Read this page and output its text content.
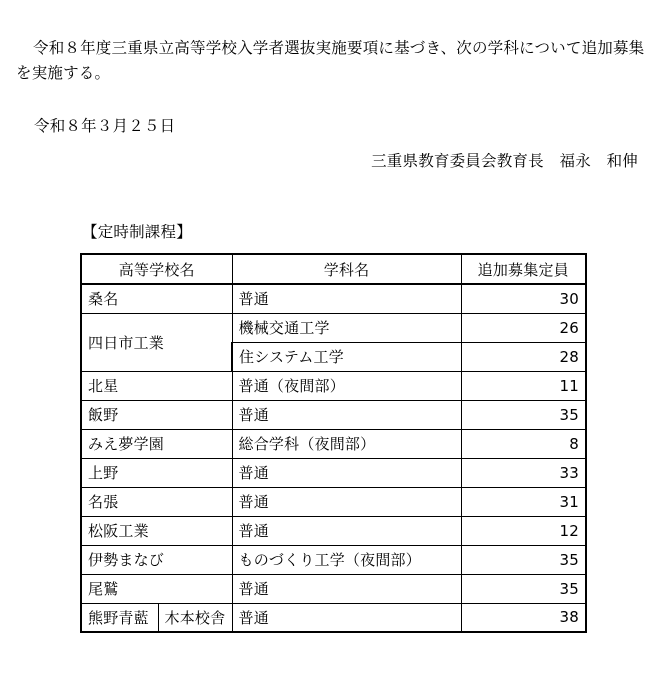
令和８年度三重県立高等学校入学者選抜実施要項に基づき、次の学科について追加募集を実施する。

令和８年３月２５日
三重県教育委員会教育長　福永　和伸
【定時制課程】
高等学校名		学科名	追加募集定員
桑名		普通	30
四日市工業		機械交通工学	26
		住システム工学	28
北星		普通（夜間部）	11
飯野		普通	35
みえ夢学園		総合学科（夜間部）	8
上野		普通	33
名張		普通	31
松阪工業		普通	12
伊勢まなび		ものづくり工学（夜間部）	35
尾鷲		普通	35
熊野青藍	木本校舎	普通	38
